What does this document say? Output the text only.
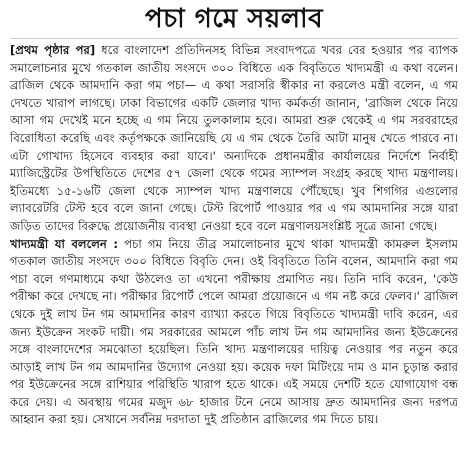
পচা গমে সয়লাব

[প্রথম পৃষ্ঠার পর] ধরে বাংলাদেশ প্রতিদিনসহ বিভিন্ন সংবাদপত্রে খবর বের হওয়ার পর ব্যাপক সমালোচনার মুখে গতকাল জাতীয় সংসদে ৩০০ বিধিতে এক বিবৃতিতে খাদ্যমন্ত্রী এ কথা বলেন। ব্রাজিল থেকে আমদানি করা গম পচা— এ কথা সরাসরি স্বীকার না করলেও মন্ত্রী বলেন, এ গম দেখতে খারাপ লাগছে। ঢাকা বিভাগের একটি জেলার খাদ্য কর্মকর্তা জানান, 'ব্রাজিল থেকে নিয়ে আসা গম দেখেই মনে হচ্ছে এ গম নিয়ে তুলকালাম হবে। আমরা শুরু থেকেই এ গম সরবরাহের বিরোধিতা করেছি এবং কর্তৃপক্ষকে জানিয়েছি যে এ গম থেকে তৈরি আটা মানুষ খেতে পারবে না। এটা গোখাদ্য হিসেবে ব্যবহার করা যাবে।' অন্যদিকে প্রধানমন্ত্রীর কার্যালয়ের নির্দেশে নির্বাহী ম্যাজিস্ট্রেটের উপস্থিতিতে দেশের ৫৭ জেলা থেকে গমের স্যাম্পল সংগ্রহ করছে খাদ্য মন্ত্রণালয়। ইতিমধ্যে ১৫-১৬টি জেলা থেকে স্যাম্পল খাদ্য মন্ত্রণালয়ে পৌঁছেছে। খুব শিগগির এগুলোর ল্যাবরেটরি টেস্ট হবে বলে জানা গেছে। টেস্ট রিপোর্ট পাওয়ার পর এ গম আমদানির সঙ্গে যারা জড়িত তাদের বিরুদ্ধে প্রয়োজনীয় ব্যবস্থা নেওয়া হবে বলে মন্ত্রণালয়সংশ্লিষ্ট সূত্রে জানা গেছে।

খাদ্যমন্ত্রী যা বললেন : পচা গম নিয়ে তীব্র সমালোচনার মুখে থাকা খাদ্যমন্ত্রী কামরুল ইসলাম গতকাল জাতীয় সংসদে ৩০০ বিধিতে বিবৃতি দেন। ওই বিবৃতিতে তিনি বলেন, আমদানি করা গম পচা বলে গণমাধ্যমে কথা উঠলেও তা এখনো পরীক্ষায় প্রমাণিত নয়। তিনি দাবি করেন, 'কেউ পরীক্ষা করে দেখছে না। পরীক্ষার রিপোর্ট পেলে আমরা প্রয়োজনে এ গম নষ্ট করে ফেলব।' ব্রাজিল থেকে দুই লাখ টন গম আমদানির কারণ ব্যাখ্যা করতে গিয়ে বিবৃতিতে খাদ্যমন্ত্রী দাবি করেন, এর জন্য ইউক্রেন সংকট দায়ী। গম সরকারের আমলে পাঁচ লাখ টন গম আমদানির জন্য ইউক্রেনের সঙ্গে বাংলাদেশের সমঝোতা হয়েছিল। তিনি খাদ্য মন্ত্রণালয়ের দায়িত্ব নেওয়ার পর নতুন করে আড়াই লাখ টন গম আমদানির উদ্যোগ নেওয়া হয়। কয়েক দফা মিটিংয়ে দাম ও মান চূড়ান্ত করার পর ইউক্রেনের সঙ্গে রাশিয়ার পরিস্থিতি খারাপ হতে থাকে। এই সময়ে দেশটি হতে যোগাযোগ বন্ধ করে দেয়। এ অবস্থায় গমের মজুদ ৬৮ হাজার টনে নেমে আসায় দ্রুত আমদানির জন্য দরপত্র আহ্বান করা হয়। সেখানে সর্বনিম্ন দরদাতা দুই প্রতিষ্ঠান ব্রাজিলের গম দিতে চায়।
